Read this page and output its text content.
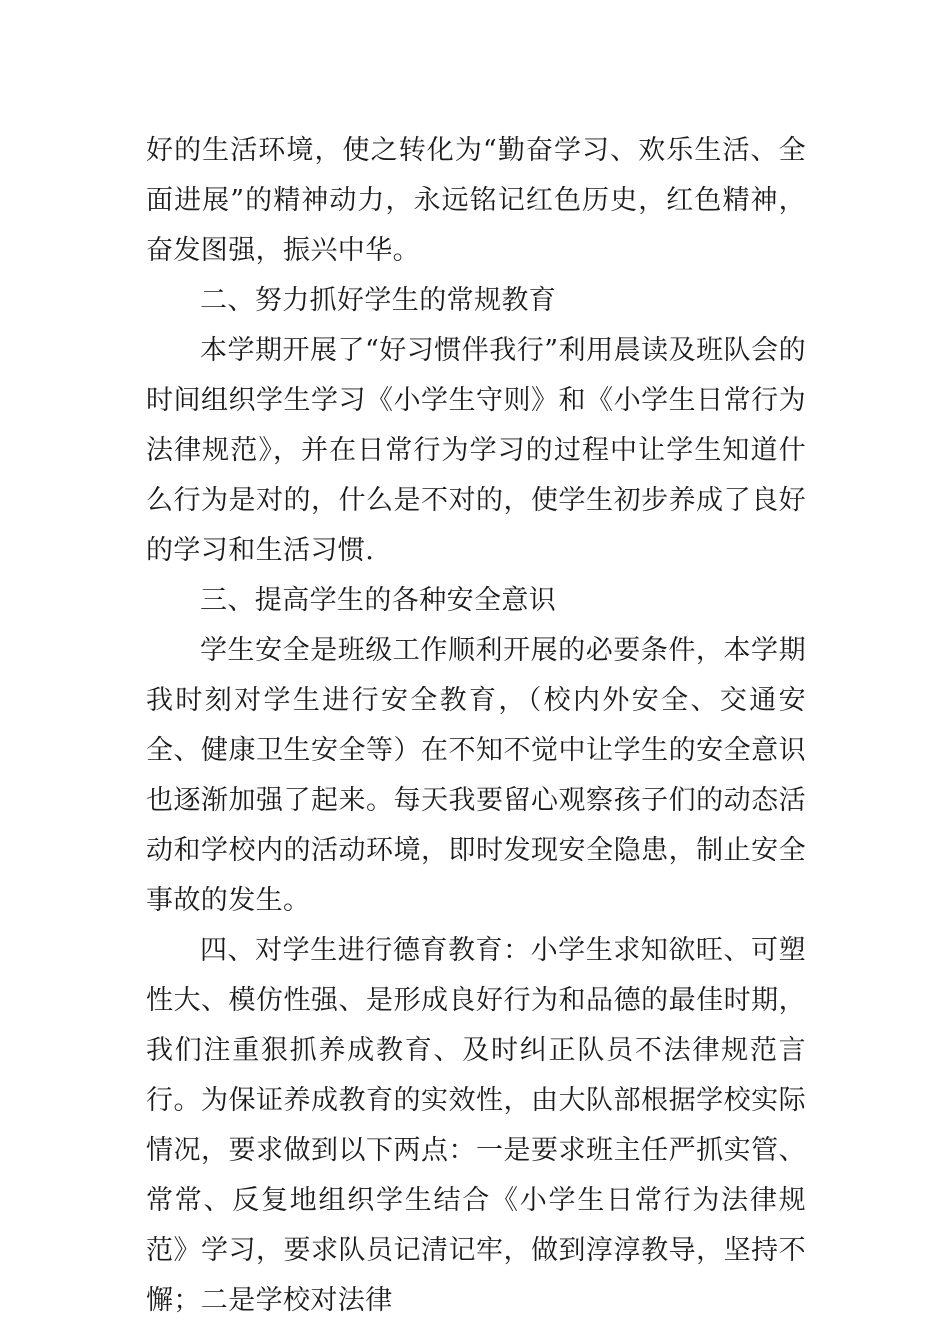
好的生活环境，使之转化为“勤奋学习、欢乐生活、全面进展”的精神动力，永远铭记红色历史，红色精神，奋发图强，振兴中华。

二、努力抓好学生的常规教育

本学期开展了“好习惯伴我行”利用晨读及班队会的时间组织学生学习《小学生守则》和《小学生日常行为法律规范》，并在日常行为学习的过程中让学生知道什么行为是对的，什么是不对的，使学生初步养成了良好的学习和生活习惯.

三、提高学生的各种安全意识

学生安全是班级工作顺利开展的必要条件，本学期我时刻对学生进行安全教育，（校内外安全、交通安全、健康卫生安全等）在不知不觉中让学生的安全意识也逐渐加强了起来。每天我要留心观察孩子们的动态活动和学校内的活动环境，即时发现安全隐患，制止安全事故的发生。

四、对学生进行德育教育：小学生求知欲旺、可塑性大、模仿性强、是形成良好行为和品德的最佳时期，我们注重狠抓养成教育、及时纠正队员不法律规范言行。为保证养成教育的实效性，由大队部根据学校实际情况，要求做到以下两点：一是要求班主任严抓实管、常常、反复地组织学生结合《小学生日常行为法律规范》学习，要求队员记清记牢，做到淳淳教导，坚持不懈；二是学校对法律
